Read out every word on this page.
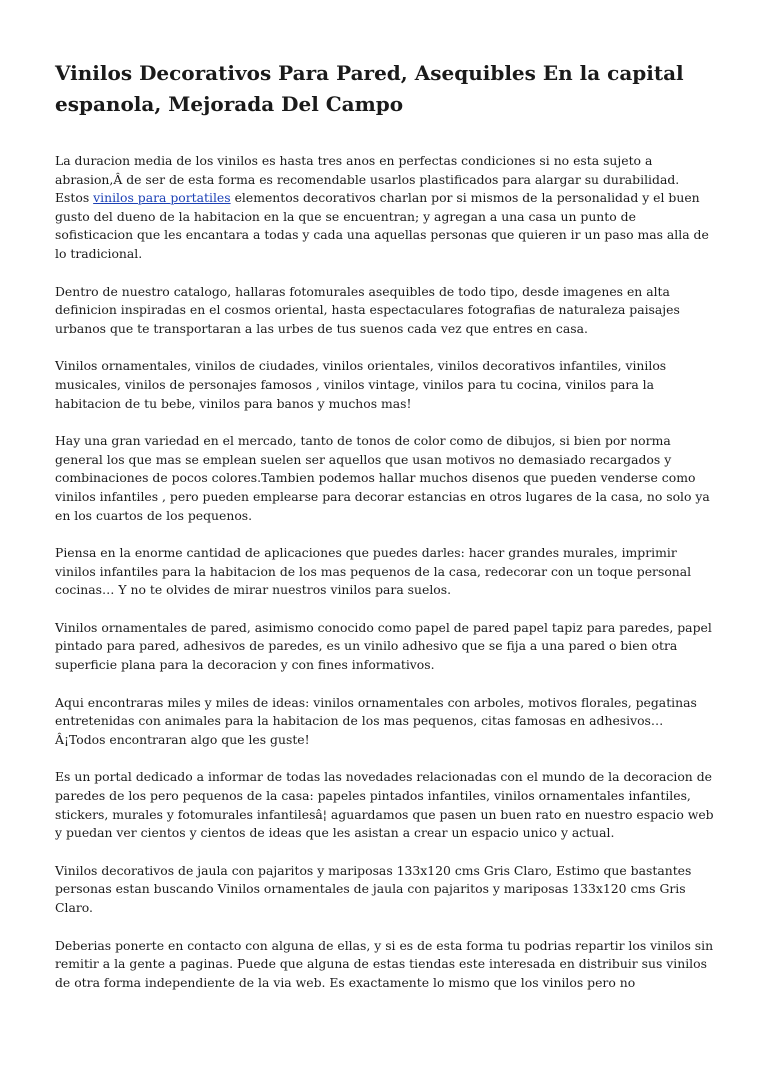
Vinilos Decorativos Para Pared, Asequibles En la capital espanola, Mejorada Del Campo

La duracion media de los vinilos es hasta tres anos en perfectas condiciones si no esta sujeto a abrasion,Â de ser de esta forma es recomendable usarlos plastificados para alargar su durabilidad. Estos vinilos para portatiles elementos decorativos charlan por si mismos de la personalidad y el buen gusto del dueno de la habitacion en la que se encuentran; y agregan a una casa un punto de sofisticacion que les encantara a todas y cada una aquellas personas que quieren ir un paso mas alla de lo tradicional.

Dentro de nuestro catalogo, hallaras fotomurales asequibles de todo tipo, desde imagenes en alta definicion inspiradas en el cosmos oriental, hasta espectaculares fotografias de naturaleza paisajes urbanos que te transportaran a las urbes de tus suenos cada vez que entres en casa.

Vinilos ornamentales, vinilos de ciudades, vinilos orientales, vinilos decorativos infantiles, vinilos musicales, vinilos de personajes famosos , vinilos vintage, vinilos para tu cocina, vinilos para la habitacion de tu bebe, vinilos para banos y muchos mas!

Hay una gran variedad en el mercado, tanto de tonos de color como de dibujos, si bien por norma general los que mas se emplean suelen ser aquellos que usan motivos no demasiado recargados y combinaciones de pocos colores.Tambien podemos hallar muchos disenos que pueden venderse como vinilos infantiles , pero pueden emplearse para decorar estancias en otros lugares de la casa, no solo ya en los cuartos de los pequenos.

Piensa en la enorme cantidad de aplicaciones que puedes darles: hacer grandes murales, imprimir vinilos infantiles para la habitacion de los mas pequenos de la casa, redecorar con un toque personal cocinas… Y no te olvides de mirar nuestros vinilos para suelos.

Vinilos ornamentales de pared, asimismo conocido como papel de pared papel tapiz para paredes, papel pintado para pared, adhesivos de paredes, es un vinilo adhesivo que se fija a una pared o bien otra superficie plana para la decoracion y con fines informativos.

Aqui encontraras miles y miles de ideas: vinilos ornamentales con arboles, motivos florales, pegatinas entretenidas con animales para la habitacion de los mas pequenos, citas famosas en adhesivos… Â¡Todos encontraran algo que les guste!

Es un portal dedicado a informar de todas las novedades relacionadas con el mundo de la decoracion de paredes de los pero pequenos de la casa: papeles pintados infantiles, vinilos ornamentales infantiles, stickers, murales y fotomurales infantilesâ¦ aguardamos que pasen un buen rato en nuestro espacio web y puedan ver cientos y cientos de ideas que les asistan a crear un espacio unico y actual.

Vinilos decorativos de jaula con pajaritos y mariposas 133x120 cms Gris Claro, Estimo que bastantes personas estan buscando Vinilos ornamentales de jaula con pajaritos y mariposas 133x120 cms Gris Claro.

Deberias ponerte en contacto con alguna de ellas, y si es de esta forma tu podrias repartir los vinilos sin remitir a la gente a paginas. Puede que alguna de estas tiendas este interesada en distribuir sus vinilos de otra forma independiente de la via web. Es exactamente lo mismo que los vinilos pero no
